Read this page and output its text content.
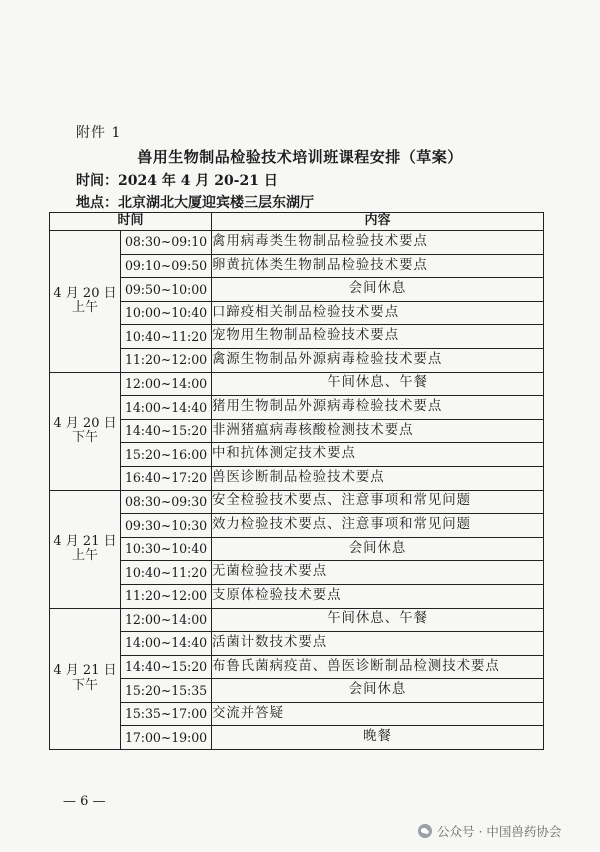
附件 1
兽用生物制品检验技术培训班课程安排（草案）
时间：2024 年 4 月 20-21 日
地点：北京湖北大厦迎宾楼三层东湖厅
时间		内容
4 月 20 日
上午	08:30~09:10	禽用病毒类生物制品检验技术要点
	09:10~09:50	卵黄抗体类生物制品检验技术要点
	09:50~10:00	会间休息
	10:00~10:40	口蹄疫相关制品检验技术要点
	10:40~11:20	宠物用生物制品检验技术要点
	11:20~12:00	禽源生物制品外源病毒检验技术要点
4 月 20 日
下午	12:00~14:00	午间休息、午餐
	14:00~14:40	猪用生物制品外源病毒检验技术要点
	14:40~15:20	非洲猪瘟病毒核酸检测技术要点
	15:20~16:00	中和抗体测定技术要点
	16:40~17:20	兽医诊断制品检验技术要点
4 月 21 日
上午	08:30~09:30	安全检验技术要点、注意事项和常见问题
	09:30~10:30	效力检验技术要点、注意事项和常见问题
	10:30~10:40	会间休息
	10:40~11:20	无菌检验技术要点
	11:20~12:00	支原体检验技术要点
4 月 21 日
下午	12:00~14:00	午间休息、午餐
	14:00~14:40	活菌计数技术要点
	14:40~15:20	布鲁氏菌病疫苗、兽医诊断制品检测技术要点
	15:20~15:35	会间休息
	15:35~17:00	交流并答疑
	17:00~19:00	晚餐
— 6 —
公众号 · 中国兽药协会
